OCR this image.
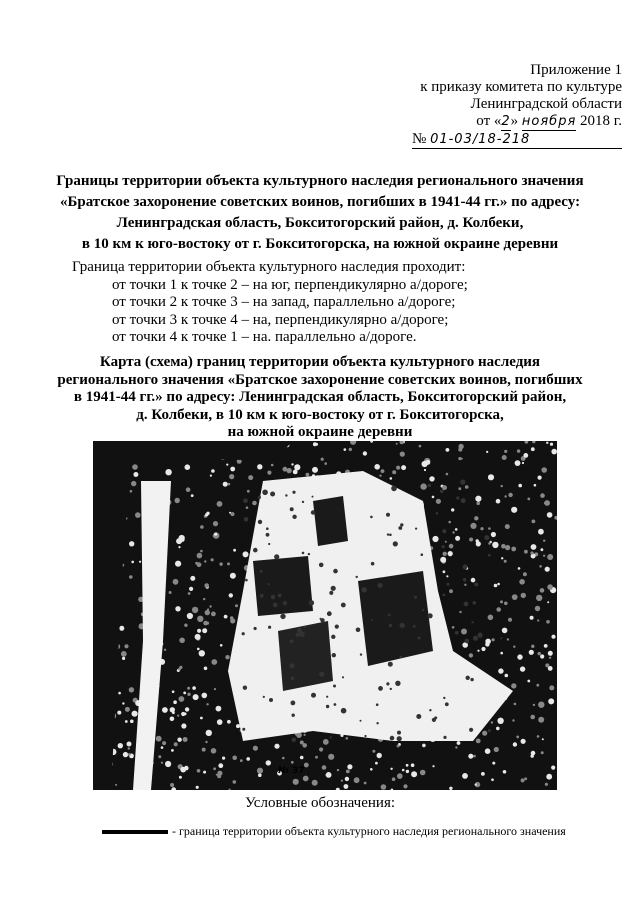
Приложение 1
к приказу комитета по культуре
Ленинградской области
от «2» ноября 2018 г.
№ 01-03/18-218
Границы территории объекта культурного наследия регионального значения
«Братское захоронение советских воинов, погибших в 1941-44 гг.» по адресу:
Ленинградская область, Бокситогорский район, д. Колбеки,
в 10 км к юго-востоку от г. Бокситогорска, на южной окраине деревни
Граница территории объекта культурного наследия проходит:
от точки 1 к точке 2 – на юг, перпендикулярно а/дороге;
от точки 2 к точке 3 – на запад, параллельно а/дороге;
от точки 3 к точке 4 – на, перпендикулярно а/дороге;
от точки 4 к точке 1 – на. параллельно а/дороге.
Карта (схема) границ территории объекта культурного наследия
регионального значения «Братское захоронение советских воинов, погибших
в 1941-44 гг.» по адресу: Ленинградская область, Бокситогорский район,
д. Колбеки, в 10 км к юго-востоку от г. Бокситогорска,
на южной окраине деревни
№ 37
Условные обозначения:
- граница территории объекта культурного наследия регионального значения
